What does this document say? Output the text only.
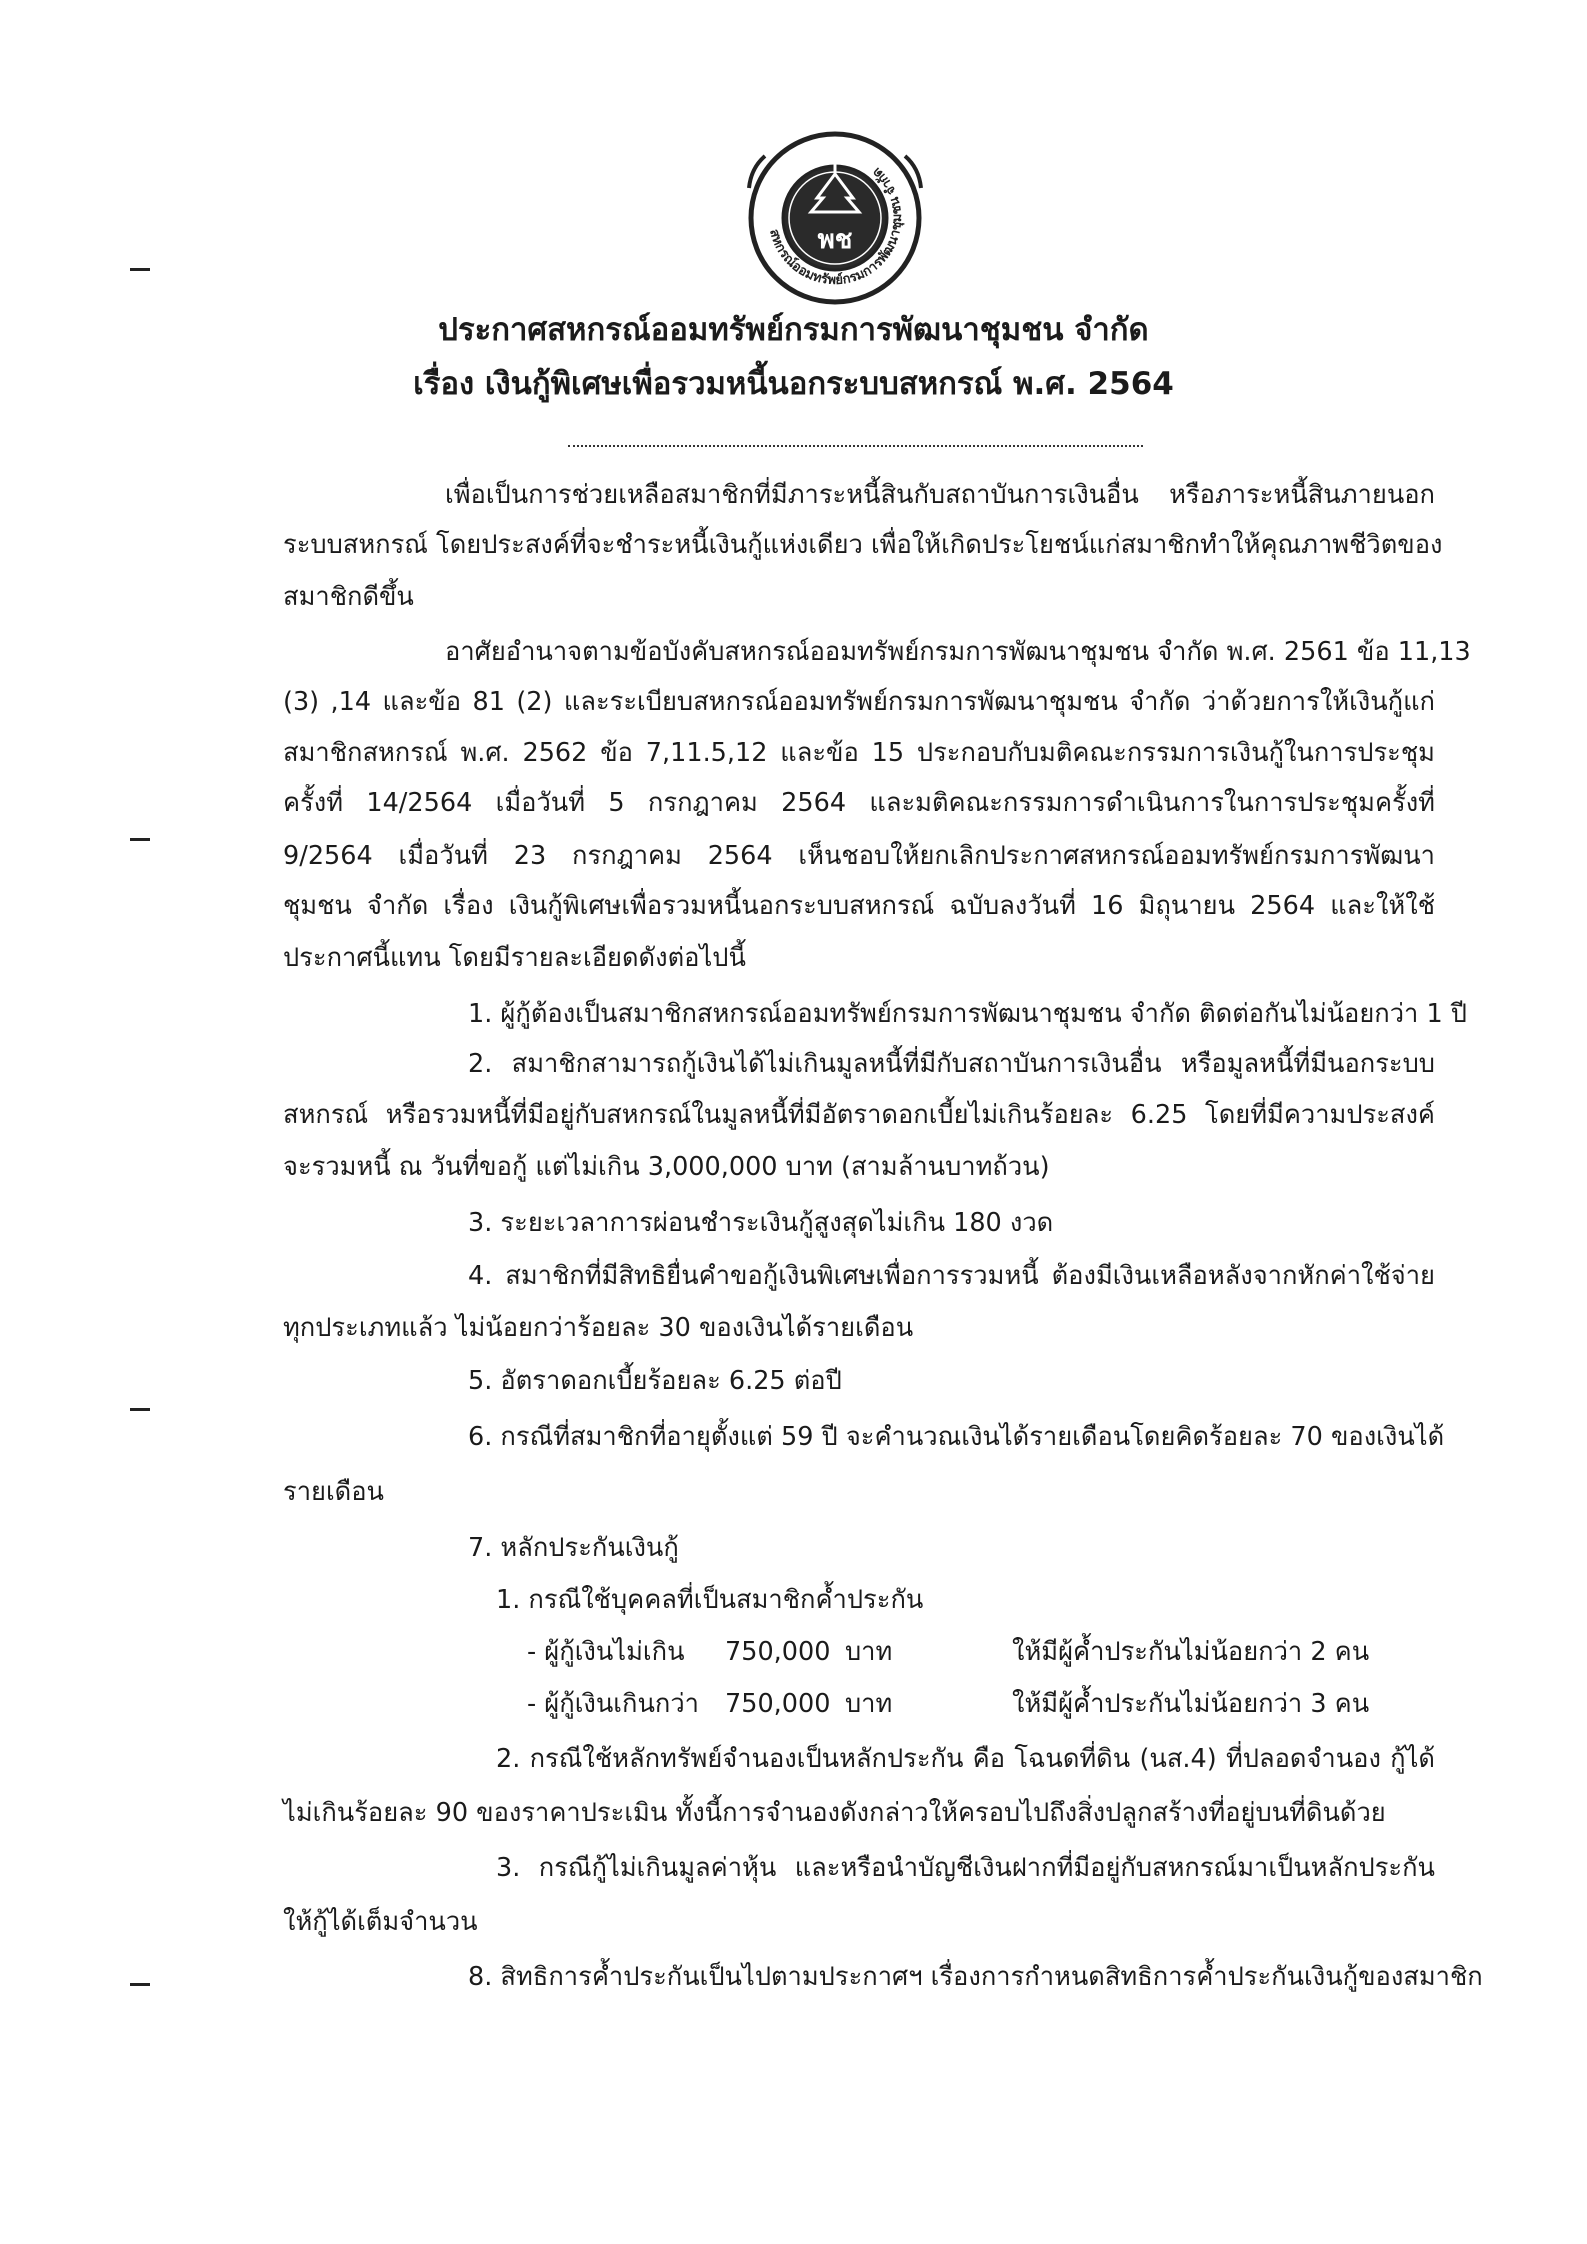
พช
สหกรณ์ออมทรัพย์กรมการพัฒนาชุมชน จำกัด
ประกาศสหกรณ์ออมทรัพย์กรมการพัฒนาชุมชน จำกัด
เรื่อง เงินกู้พิเศษเพื่อรวมหนี้นอกระบบสหกรณ์ พ.ศ. 2564
เพื่อเป็นการช่วยเหลือสมาชิกที่มีภาระหนี้สินกับสถาบันการเงินอื่น หรือภาระหนี้สินภายนอก
ระบบสหกรณ์ โดยประสงค์ที่จะชำระหนี้เงินกู้แห่งเดียว เพื่อให้เกิดประโยชน์แก่สมาชิกทำให้คุณภาพชีวิตของ
สมาชิกดีขึ้น
อาศัยอำนาจตามข้อบังคับสหกรณ์ออมทรัพย์กรมการพัฒนาชุมชน จำกัด พ.ศ. 2561 ข้อ 11,13
(3) ,14 และข้อ 81 (2) และระเบียบสหกรณ์ออมทรัพย์กรมการพัฒนาชุมชน จำกัด ว่าด้วยการให้เงินกู้แก่
สมาชิกสหกรณ์ พ.ศ. 2562 ข้อ 7,11.5,12 และข้อ 15 ประกอบกับมติคณะกรรมการเงินกู้ในการประชุม
ครั้งที่ 14/2564 เมื่อวันที่ 5 กรกฎาคม 2564 และมติคณะกรรมการดำเนินการในการประชุมครั้งที่
9/2564 เมื่อวันที่ 23 กรกฎาคม 2564 เห็นชอบให้ยกเลิกประกาศสหกรณ์ออมทรัพย์กรมการพัฒนา
ชุมชน จำกัด เรื่อง เงินกู้พิเศษเพื่อรวมหนี้นอกระบบสหกรณ์ ฉบับลงวันที่ 16 มิถุนายน 2564 และให้ใช้
ประกาศนี้แทน โดยมีรายละเอียดดังต่อไปนี้
1. ผู้กู้ต้องเป็นสมาชิกสหกรณ์ออมทรัพย์กรมการพัฒนาชุมชน จำกัด ติดต่อกันไม่น้อยกว่า 1 ปี
2. สมาชิกสามารถกู้เงินได้ไม่เกินมูลหนี้ที่มีกับสถาบันการเงินอื่น หรือมูลหนี้ที่มีนอกระบบ
สหกรณ์ หรือรวมหนี้ที่มีอยู่กับสหกรณ์ในมูลหนี้ที่มีอัตราดอกเบี้ยไม่เกินร้อยละ 6.25 โดยที่มีความประสงค์
จะรวมหนี้ ณ วันที่ขอกู้ แต่ไม่เกิน 3,000,000 บาท (สามล้านบาทถ้วน)
3. ระยะเวลาการผ่อนชำระเงินกู้สูงสุดไม่เกิน 180 งวด
4. สมาชิกที่มีสิทธิยื่นคำขอกู้เงินพิเศษเพื่อการรวมหนี้ ต้องมีเงินเหลือหลังจากหักค่าใช้จ่าย
ทุกประเภทแล้ว ไม่น้อยกว่าร้อยละ 30 ของเงินได้รายเดือน
5. อัตราดอกเบี้ยร้อยละ 6.25 ต่อปี
6. กรณีที่สมาชิกที่อายุตั้งแต่ 59 ปี จะคำนวณเงินได้รายเดือนโดยคิดร้อยละ 70 ของเงินได้
รายเดือน
7. หลักประกันเงินกู้
1. กรณีใช้บุคคลที่เป็นสมาชิกค้ำประกัน
- ผู้กู้เงินไม่เกิน 750,000 บาท	ให้มีผู้ค้ำประกันไม่น้อยกว่า 2 คน
- ผู้กู้เงินเกินกว่า 750,000 บาท	ให้มีผู้ค้ำประกันไม่น้อยกว่า 3 คน
2. กรณีใช้หลักทรัพย์จำนองเป็นหลักประกัน คือ โฉนดที่ดิน (นส.4) ที่ปลอดจำนอง กู้ได้
ไม่เกินร้อยละ 90 ของราคาประเมิน ทั้งนี้การจำนองดังกล่าวให้ครอบไปถึงสิ่งปลูกสร้างที่อยู่บนที่ดินด้วย
3. กรณีกู้ไม่เกินมูลค่าหุ้น และหรือนำบัญชีเงินฝากที่มีอยู่กับสหกรณ์มาเป็นหลักประกัน
ให้กู้ได้เต็มจำนวน
8. สิทธิการค้ำประกันเป็นไปตามประกาศฯ เรื่องการกำหนดสิทธิการค้ำประกันเงินกู้ของสมาชิก
